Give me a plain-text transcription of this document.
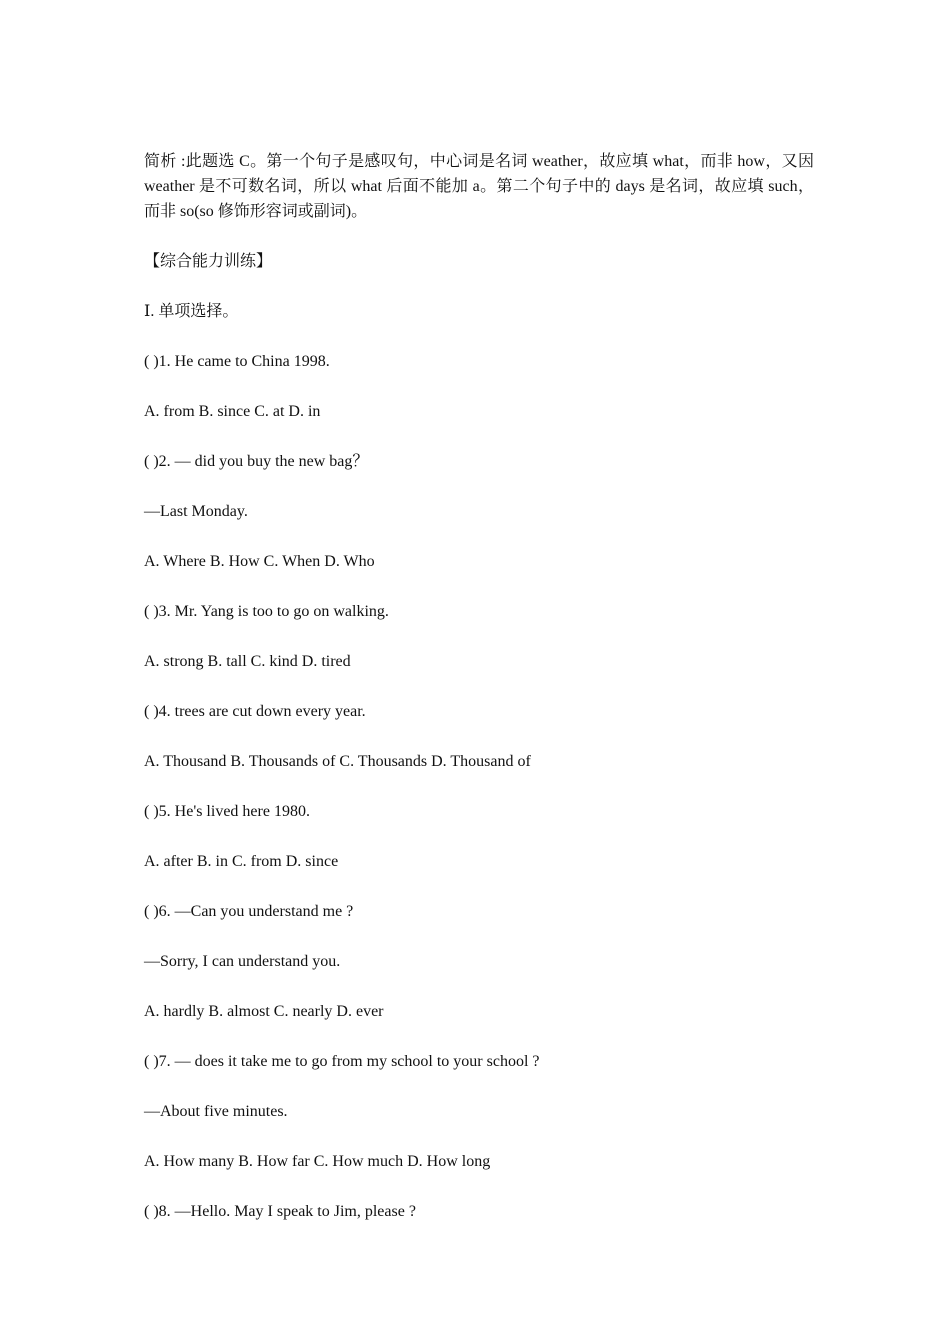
简析 :此题选 C。第一个句子是感叹句，中心词是名词 weather，故应填 what，而非 how，又因 weather 是不可数名词，所以 what 后面不能加 a。第二个句子中的 days 是名词，故应填 such，而非 so(so 修饰形容词或副词)。

【综合能力训练】

Ⅰ. 单项选择。

( )1. He came to China 1998.

A. from B. since C. at D. in

( )2. — did you buy the new bag？

—Last Monday.

A. Where B. How C. When D. Who

( )3. Mr. Yang is too to go on walking.

A. strong B. tall C. kind D. tired

( )4. trees are cut down every year.

A. Thousand B. Thousands of C. Thousands D. Thousand of

( )5. He's lived here 1980.

A. after B. in C. from D. since

( )6. —Can you understand me ?

—Sorry, I can understand you.

A. hardly B. almost C. nearly D. ever

( )7. — does it take me to go from my school to your school ?

—About five minutes.

A. How many B. How far C. How much D. How long

( )8. —Hello. May I speak to Jim, please ?
